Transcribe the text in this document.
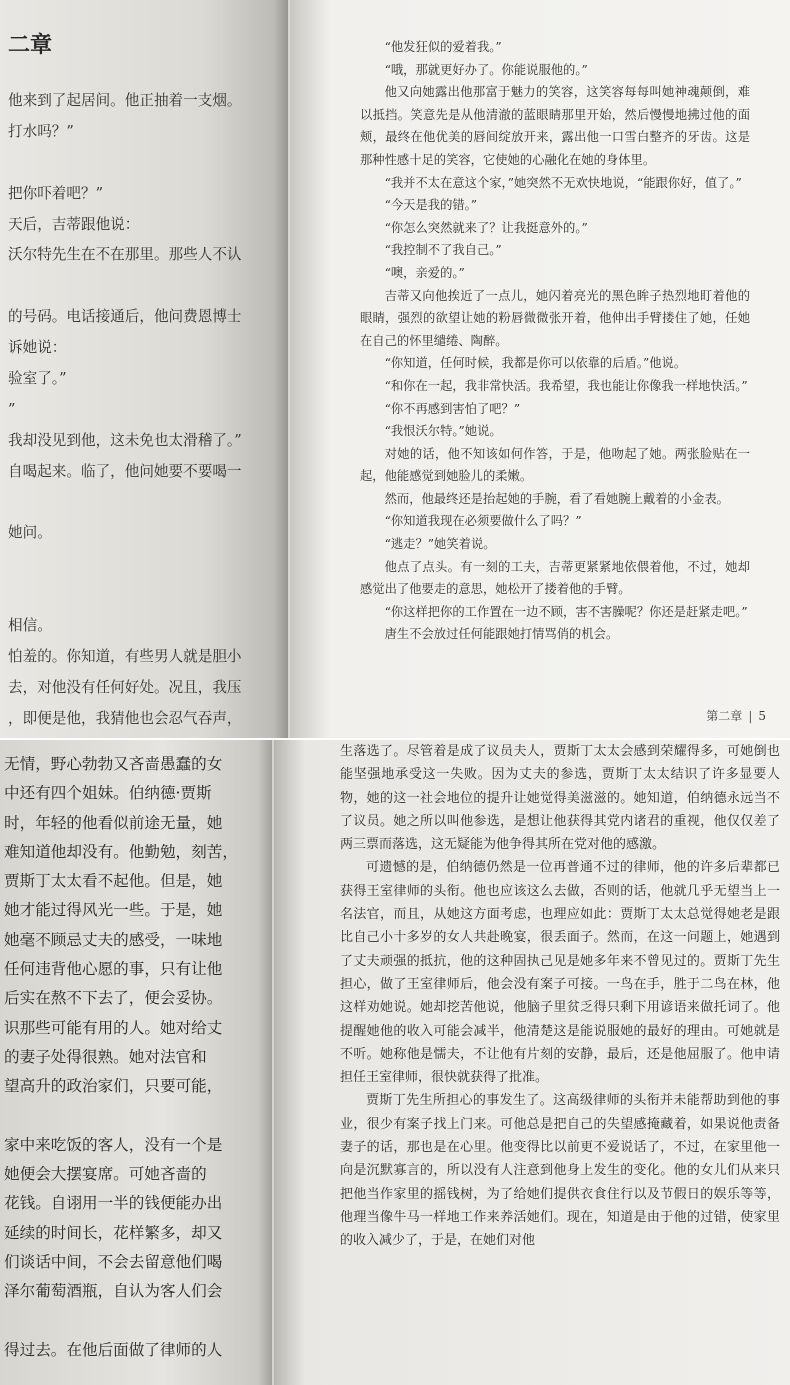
二章
他来到了起居间。他正抽着一支烟。
打水吗？”
把你吓着吧？”
天后，吉蒂跟他说：
沃尔特先生在不在那里。那些人不认
的号码。电话接通后，他问费恩博士
诉她说：
验室了。”
”
我却没见到他，这未免也太滑稽了。”
自喝起来。临了，他问她要不要喝一
她问。
相信。
怕羞的。你知道，有些男人就是胆小
去，对他没有任何好处。况且，我压
，即便是他，我猜他也会忍气吞声，

“他发狂似的爱着我。”

“哦，那就更好办了。你能说服他的。”

他又向她露出他那富于魅力的笑容，这笑容每每叫她神魂颠倒，难以抵挡。笑意先是从他清澈的蓝眼睛那里开始，然后慢慢地拂过他的面颊，最终在他优美的唇间绽放开来，露出他一口雪白整齐的牙齿。这是那种性感十足的笑容，它使她的心融化在她的身体里。

“我并不太在意这个家，”她突然不无欢快地说，“能跟你好，值了。”

“今天是我的错。”

“你怎么突然就来了？让我挺意外的。”

“我控制不了我自己。”

“噢，亲爱的。”

吉蒂又向他挨近了一点儿，她闪着亮光的黑色眸子热烈地盯着他的眼睛，强烈的欲望让她的粉唇微微张开着，他伸出手臂搂住了她，任她在自己的怀里缱绻、陶醉。

“你知道，任何时候，我都是你可以依靠的后盾。”他说。

“和你在一起，我非常快活。我希望，我也能让你像我一样地快活。”

“你不再感到害怕了吧？”

“我恨沃尔特。”她说。

对她的话，他不知该如何作答，于是，他吻起了她。两张脸贴在一起，他能感觉到她脸儿的柔嫩。

然而，他最终还是抬起她的手腕，看了看她腕上戴着的小金表。

“你知道我现在必须要做什么了吗？”

“逃走？”她笑着说。

他点了点头。有一刻的工夫，吉蒂更紧紧地依偎着他，不过，她却感觉出了他要走的意思，她松开了搂着他的手臂。

“你这样把你的工作置在一边不顾，害不害臊呢？你还是赶紧走吧。”

唐生不会放过任何能跟她打情骂俏的机会。

第二章 | 5
无情，野心勃勃又吝啬愚蠢的女
中还有四个姐妹。伯纳德·贾斯
时，年轻的他看似前途无量，她
难知道他却没有。他勤勉，刻苦，
贾斯丁太太看不起他。但是，她
她才能过得风光一些。于是，她
她毫不顾忌丈夫的感受，一味地
任何违背他心愿的事，只有让他
后实在熬不下去了，便会妥协。
识那些可能有用的人。她对给丈
的妻子处得很熟。她对法官和
望高升的政治家们，只要可能，
家中来吃饭的客人，没有一个是
她便会大摆宴席。可她吝啬的
花钱。自诩用一半的钱便能办出
延续的时间长，花样繁多，却又
们谈话中间，不会去留意他们喝
泽尔葡萄酒瓶，自认为客人们会
得过去。在他后面做了律师的人

生落选了。尽管着是成了议员夫人，贾斯丁太太会感到荣耀得多，可她倒也能坚强地承受这一失败。因为丈夫的参选，贾斯丁太太结识了许多显要人物，她的这一社会地位的提升让她觉得美滋滋的。她知道，伯纳德永远当不了议员。她之所以叫他参选，是想让他获得其党内诸君的重视，他仅仅差了两三票而落选，这无疑能为他争得其所在党对他的感激。

可遗憾的是，伯纳德仍然是一位再普通不过的律师，他的许多后辈都已获得王室律师的头衔。他也应该这么去做，否则的话，他就几乎无望当上一名法官，而且，从她这方面考虑，也理应如此：贾斯丁太太总觉得她老是跟比自己小十多岁的女人共赴晚宴，很丢面子。然而，在这一问题上，她遇到了丈夫顽强的抵抗，他的这种固执己见是她多年来不曾见过的。贾斯丁先生担心，做了王室律师后，他会没有案子可接。一鸟在手，胜于二鸟在林，他这样劝她说。她却挖苦他说，他脑子里贫乏得只剩下用谚语来做托词了。他提醒她他的收入可能会减半，他清楚这是能说服她的最好的理由。可她就是不听。她称他是懦夫，不让他有片刻的安静，最后，还是他屈服了。他申请担任王室律师，很快就获得了批准。

贾斯丁先生所担心的事发生了。这高级律师的头衔并未能帮助到他的事业，很少有案子找上门来。可他总是把自己的失望感掩藏着，如果说他责备妻子的话，那也是在心里。他变得比以前更不爱说话了，不过，在家里他一向是沉默寡言的，所以没有人注意到他身上发生的变化。他的女儿们从来只把他当作家里的摇钱树，为了给她们提供衣食住行以及节假日的娱乐等等，他理当像牛马一样地工作来养活她们。现在，知道是由于他的过错，使家里的收入减少了，于是，在她们对他
